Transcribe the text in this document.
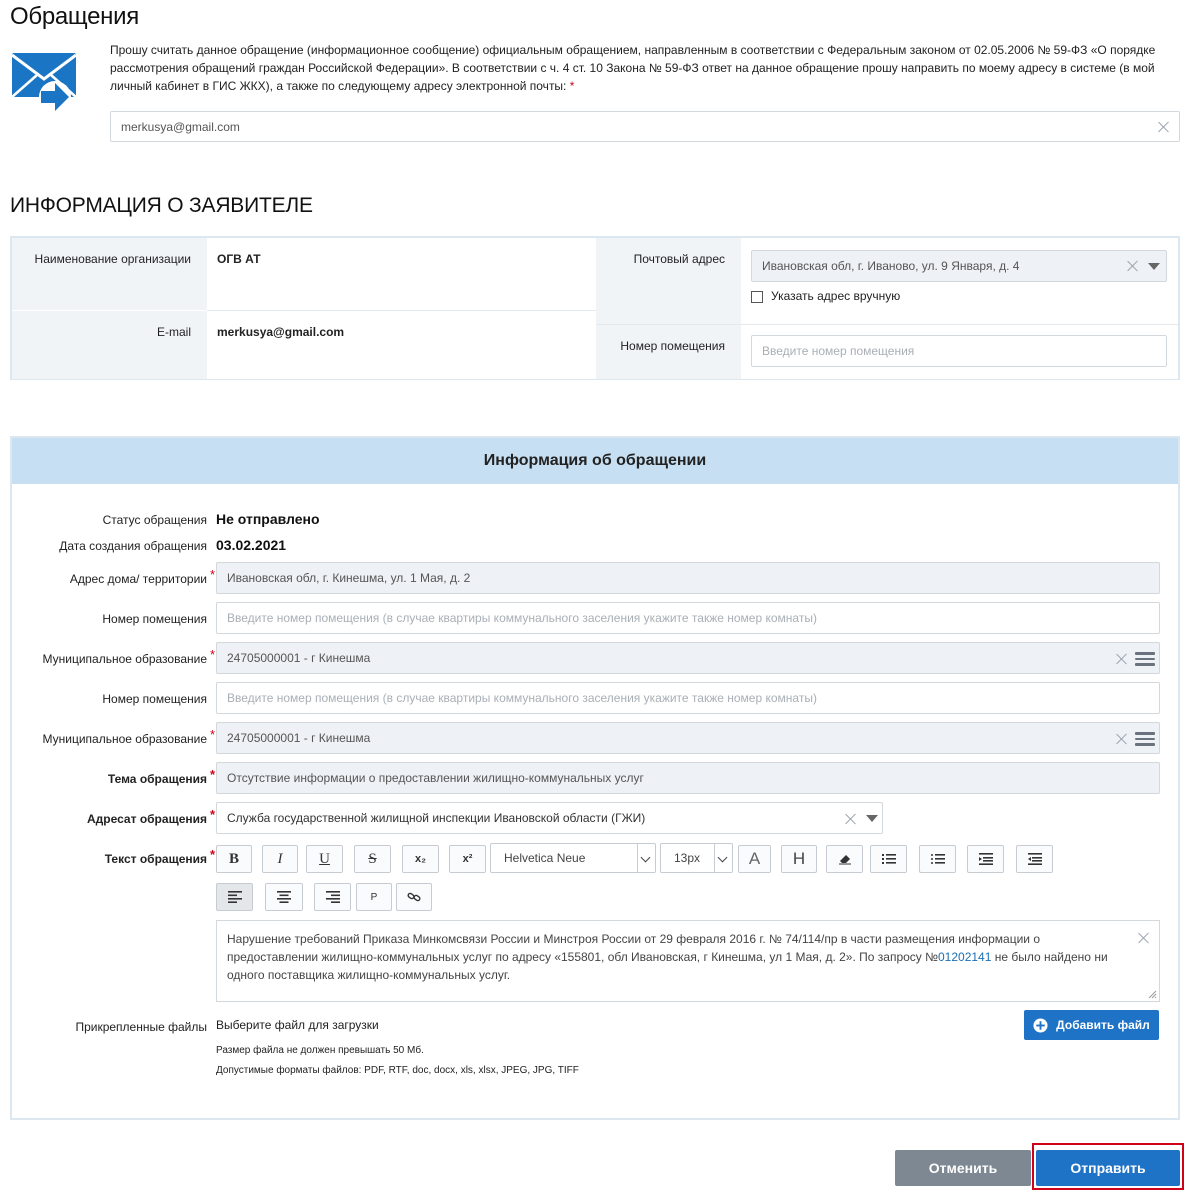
Обращения
Прошу считать данное обращение (информационное сообщение) официальным обращением, направленным в соответствии с Федеральным законом от 02.05.2006 № 59-ФЗ «О порядке рассмотрения обращений граждан Российской Федерации». В соответствии с ч. 4 ст. 10 Закона № 59-ФЗ ответ на данное обращение прошу направить по моему адресу в системе (в мой личный кабинет в ГИС ЖКХ), а также по следующему адресу электронной почты: *
merkusya@gmail.com
ИНФОРМАЦИЯ О ЗАЯВИТЕЛЕ
Наименование организации	ОГВ АТ
E-mail	merkusya@gmail.com
Почтовый адрес	Ивановская обл, г. Иваново, ул. 9 Января, д. 4
Указать адрес вручную
Номер помещения	Введите номер помещения
Информация об обращении
Статус обращения Не отправлено
Дата создания обращения 03.02.2021
Адрес дома/ территории * Ивановская обл, г. Кинешма, ул. 1 Мая, д. 2
Номер помещения Введите номер помещения (в случае квартиры коммунального заселения укажите также номер комнаты)
Муниципальное образование * 24705000001 - г Кинешма
Номер помещения Введите номер помещения (в случае квартиры коммунального заселения укажите также номер комнаты)
Муниципальное образование * 24705000001 - г Кинешма
Тема обращения * Отсутствие информации о предоставлении жилищно-коммунальных услуг
Адресат обращения * Служба государственной жилищной инспекции Ивановской области (ГЖИ)
Текст обращения * B	I	U	S	x₂	x²	Helvetica Neue	13px	A	H
P
Нарушение требований Приказа Минкомсвязи России и Минстроя России от 29 февраля 2016 г. № 74/114/пр в части размещения информации о предоставлении жилищно-коммунальных услуг по адресу «155801, обл Ивановская, г Кинешма, ул 1 Мая, д. 2». По запросу №01202141 не было найдено ни одного поставщика жилищно-коммунальных услуг.
Прикрепленные файлы Выберите файл для загрузки
Размер файла не должен превышать 50 Мб.
Допустимые форматы файлов: PDF, RTF, doc, docx, xls, xlsx, JPEG, JPG, TIFF
Добавить файл
Отменить	Отправить
